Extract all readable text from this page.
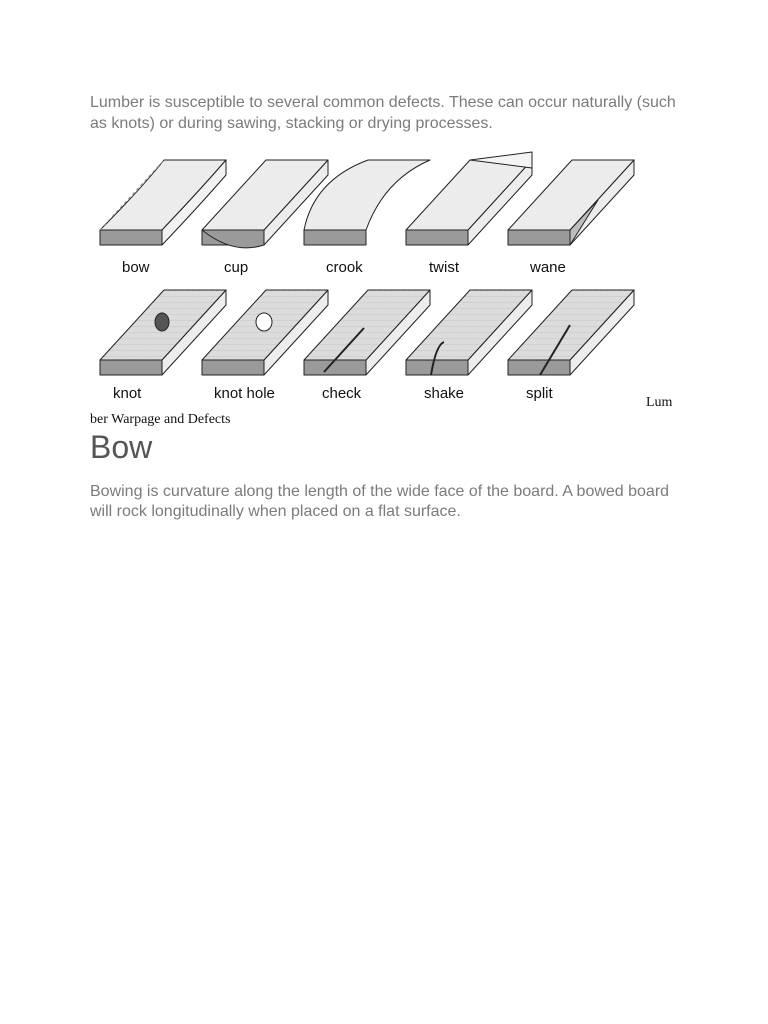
Lumber is susceptible to several common defects. These can occur naturally (such as knots) or during sawing, stacking or drying processes.

bow	cup	crook	twist	wane
knot	knot hole	check	shake	split
Lum
ber Warpage and Defects
Bow

Bowing is curvature along the length of the wide face of the board. A bowed board will rock longitudinally when placed on a flat surface.
